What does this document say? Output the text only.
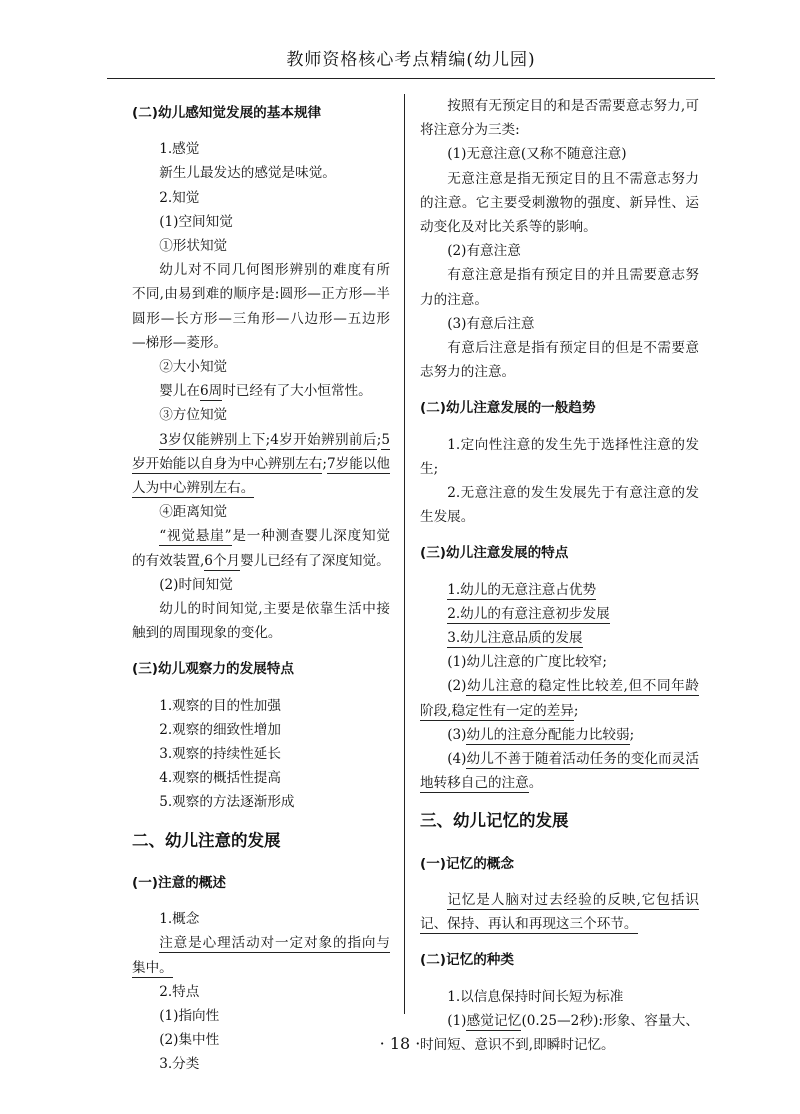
教师资格核心考点精编(幼儿园)

(二)幼儿感知觉发展的基本规律

1.感觉

新生儿最发达的感觉是味觉。

2.知觉

(1)空间知觉

①形状知觉

幼儿对不同几何图形辨别的难度有所不同,由易到难的顺序是:圆形—正方形—半圆形—长方形—三角形—八边形—五边形—梯形—菱形。

②大小知觉

婴儿在6周时已经有了大小恒常性。

③方位知觉

3岁仅能辨别上下;4岁开始辨别前后;5岁开始能以自身为中心辨别左右;7岁能以他人为中心辨别左右。

④距离知觉

“视觉悬崖”是一种测查婴儿深度知觉的有效装置,6个月婴儿已经有了深度知觉。

(2)时间知觉

幼儿的时间知觉,主要是依靠生活中接触到的周围现象的变化。

(三)幼儿观察力的发展特点

1.观察的目的性加强

2.观察的细致性增加

3.观察的持续性延长

4.观察的概括性提高

5.观察的方法逐渐形成

二、幼儿注意的发展

(一)注意的概述

1.概念

注意是心理活动对一定对象的指向与集中。

2.特点

(1)指向性

(2)集中性

3.分类

按照有无预定目的和是否需要意志努力,可将注意分为三类:

(1)无意注意(又称不随意注意)

无意注意是指无预定目的且不需意志努力的注意。它主要受刺激物的强度、新异性、运动变化及对比关系等的影响。

(2)有意注意

有意注意是指有预定目的并且需要意志努力的注意。

(3)有意后注意

有意后注意是指有预定目的但是不需要意志努力的注意。

(二)幼儿注意发展的一般趋势

1.定向性注意的发生先于选择性注意的发生;

2.无意注意的发生发展先于有意注意的发生发展。

(三)幼儿注意发展的特点

1.幼儿的无意注意占优势

2.幼儿的有意注意初步发展

3.幼儿注意品质的发展

(1)幼儿注意的广度比较窄;

(2)幼儿注意的稳定性比较差,但不同年龄阶段,稳定性有一定的差异;

(3)幼儿的注意分配能力比较弱;

(4)幼儿不善于随着活动任务的变化而灵活地转移自己的注意。

三、幼儿记忆的发展

(一)记忆的概念

记忆是人脑对过去经验的反映,它包括识记、保持、再认和再现这三个环节。

(二)记忆的种类

1.以信息保持时间长短为标准

(1)感觉记忆(0.25—2秒):形象、容量大、时间短、意识不到,即瞬时记忆。

· 18 ·
